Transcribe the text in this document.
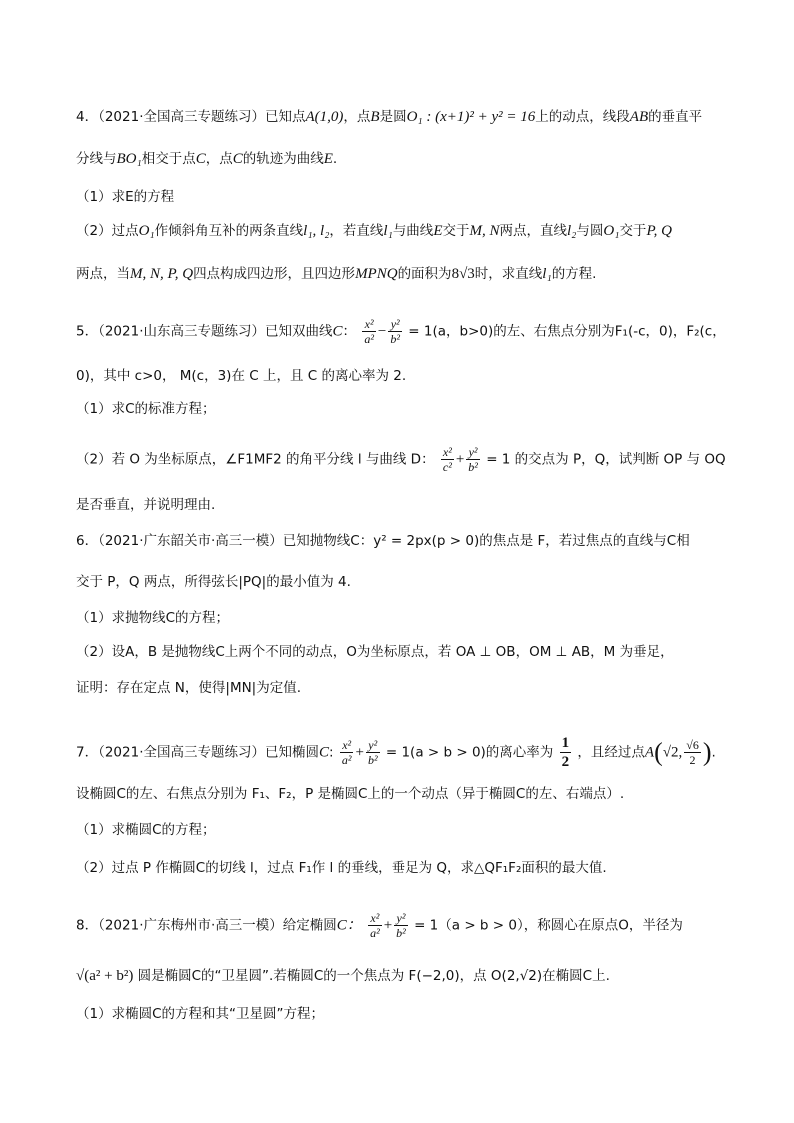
4．（2021·全国高三专题练习）已知点A(1,0)，点B是圆O₁ : (x+1)² + y² = 16上的动点，线段AB的垂直平
分线与BO₁相交于点C，点C的轨迹为曲线E.
（1）求E的方程
（2）过点O₁作倾斜角互补的两条直线l₁, l₂，若直线l₁与曲线E交于M, N两点，直线l₂与圆O₁交于P, Q
两点，当M, N, P, Q四点构成四边形，且四边形MPNQ的面积为8√3时，求直线l₁的方程.
5．（2021·山东高三专题练习）已知双曲线C： $\frac{\text{x²}}{\text{a²}} - \frac{\text{y²}}{\text{b²}} = 1(a$，b>0)的左、右焦点分别为F₁(-c，0)，F₂(c，
0)，其中 c>0， M(c，3)在 C 上，且 C 的离心率为 2.
（1）求C的标准方程；
（2）若 O 为坐标原点，∠F1MF2 的角平分线 l 与曲线 D： $\frac{\text{x²}}{\text{c²}} + \frac{\text{y²}}{\text{b²}} = 1$ 的交点为 P，Q，试判断 OP 与 OQ
是否垂直，并说明理由.
6．（2021·广东韶关市·高三一模）已知抛物线C：y² = 2px(p > 0)的焦点是 F，若过焦点的直线与C相
交于 P，Q 两点，所得弦长|PQ|的最小值为 4.
（1）求抛物线C的方程；
（2）设A，B 是抛物线C上两个不同的动点，O为坐标原点，若 OA ⊥ OB，OM ⊥ AB，M 为垂足，
证明：存在定点 N，使得|MN|为定值.
7．（2021·全国高三专题练习）已知椭圆C: $\frac{\text{x²}}{\text{a²}} + \frac{\text{y²}}{\text{b²}} = 1(a > b > 0)$的离心率为 $\frac{1}{2}$ ，且经过点A(√2, $\frac{√6}{2}$ ).
设椭圆C的左、右焦点分别为 F₁、F₂，P 是椭圆C上的一个动点（异于椭圆C的左、右端点）.
（1）求椭圆C的方程；
（2）过点 P 作椭圆C的切线 l，过点 F₁作 l 的垂线，垂足为 Q，求△QF₁F₂面积的最大值.
8．（2021·广东梅州市·高三一模）给定椭圆C： $\frac{\text{x²}}{\text{a²}} + \frac{\text{y²}}{\text{b²}} = 1(a > b > 0)$，称圆心在原点O，半径为
√(a² + b²) 圆是椭圆C的“卫星圆”.若椭圆C的一个焦点为 F(−2,0)，点 O(2,√2)在椭圆C上.
（1）求椭圆C的方程和其“卫星圆”方程；
